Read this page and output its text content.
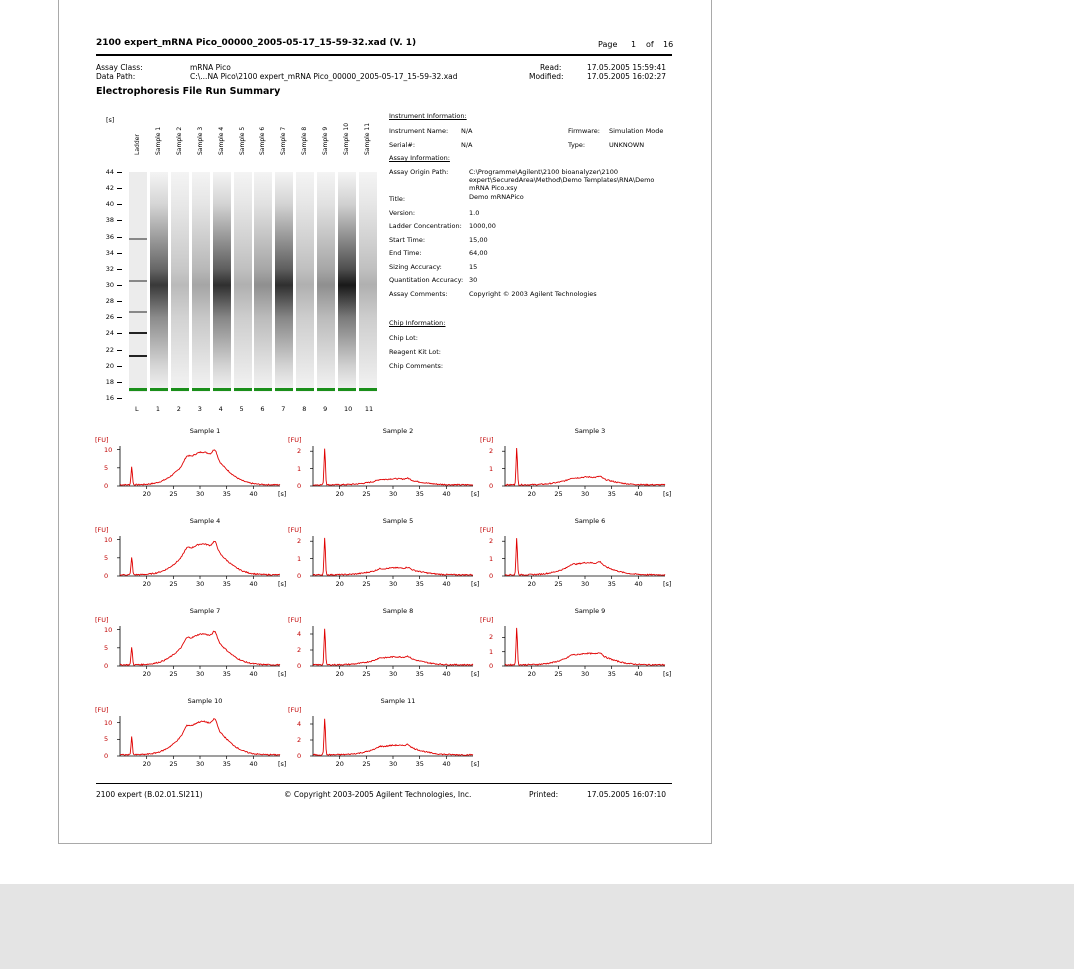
2100 expert_mRNA Pico_00000_2005-05-17_15-59-32.xad (V. 1)	Page 1 of 16
Assay Class:	mRNA Pico
Data Path:	C:\...NA Pico\2100 expert_mRNA Pico_00000_2005-05-17_15-59-32.xad
Read:	17.05.2005 15:59:41
Modified:	17.05.2005 16:02:27
Electrophoresis File Run Summary
[s]
44
42
40
38
36
34
32
30
28
26
24
22
20
18
16
Ladder
L
Sample 1
1
Sample 2
2
Sample 3
3
Sample 4
4
Sample 5
5
Sample 6
6
Sample 7
7
Sample 8
8
Sample 9
9
Sample 10
10
Sample 11
11
Instrument Information:
Instrument Name: N/A	Firmware: Simulation Mode
Serial#:	N/A	Type:	UNKNOWN
Assay Information:
Assay Origin Path:	C:\Programme\Agilent\2100 bioanalyzer\2100 expert\SecuredArea\Method\Demo Templates\RNA\Demo mRNA Pico.xsy
Title:	Demo mRNAPico
Version:	1.0
Ladder Concentration: 1000,00
Start Time:	15,00
End Time:	64,00
Sizing Accuracy:	15
Quantitation Accuracy: 30
Assay Comments:	Copyright © 2003 Agilent Technologies
Chip Information:
Chip Lot:
Reagent Kit Lot:
Chip Comments:
Sample 1
[FU]
10
5
0
20	25	30	35	40	[s]
Sample 2
[FU]
2
1
0
20	25	30	35	40	[s]
Sample 3
[FU]
2
1
0
20	25	30	35	40	[s]
Sample 4
[FU]
10
5
0
20	25	30	35	40	[s]
Sample 5
[FU]
2
1
0
20	25	30	35	40	[s]
Sample 6
[FU]
2
1
0
20	25	30	35	40	[s]
Sample 7
[FU]
10
5
0
20	25	30	35	40	[s]
Sample 8
[FU]
4
2
0
20	25	30	35	40	[s]
Sample 9
[FU]
2
1
0
20	25	30	35	40	[s]
Sample 10
[FU]
10
5
0
20	25	30	35	40	[s]
Sample 11
[FU]
4
2
0
20	25	30	35	40	[s]
2100 expert (B.02.01.SI211)	© Copyright 2003-2005 Agilent Technologies, Inc.	Printed:	17.05.2005 16:07:10
